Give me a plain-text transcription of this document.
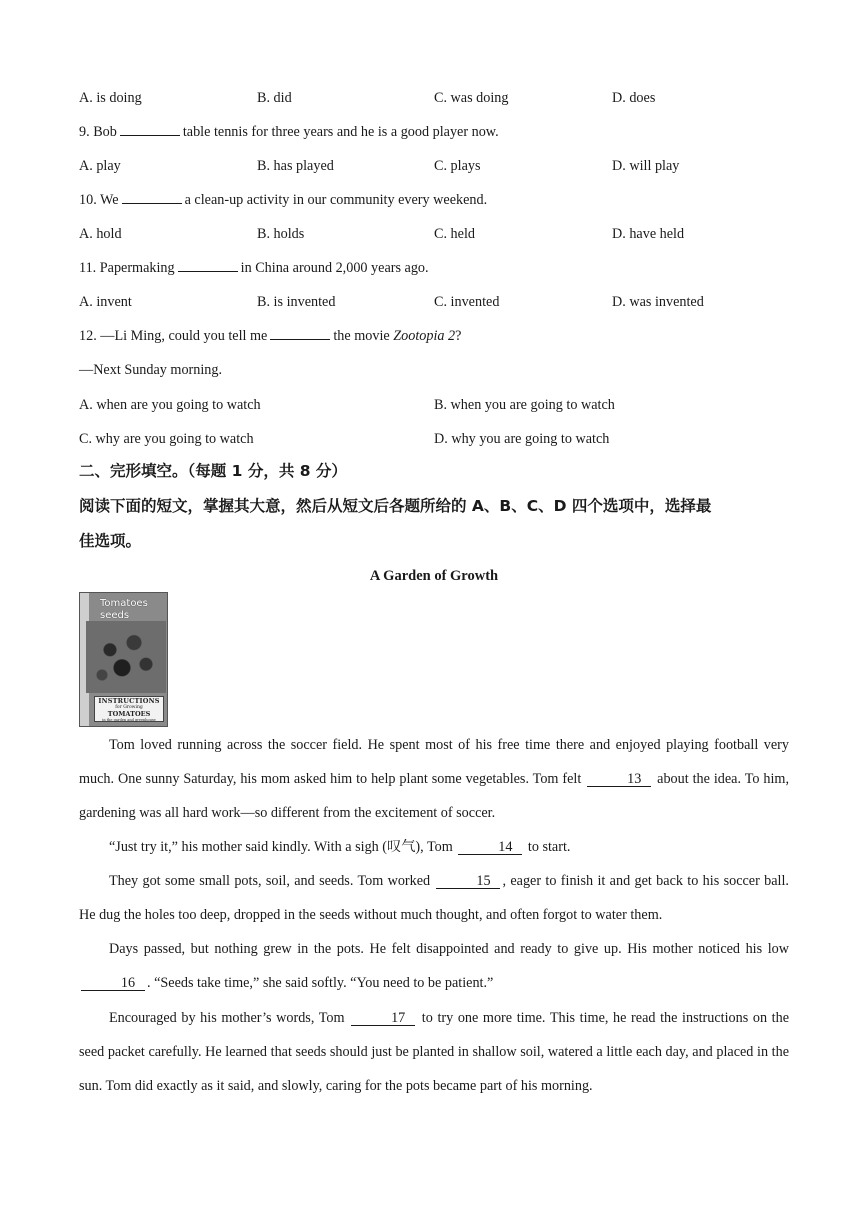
A. is doing	B. did	C. was doing	D. does
9. Bob	table tennis for three years and he is a good player now.
A. play	B. has played	C. plays	D. will play
10. We	a clean-up activity in our community every weekend.
A. hold	B. holds	C. held	D. have held
11. Papermaking	in China around 2,000 years ago.
A. invent	B. is invented	C. invented	D. was invented
12. —Li Ming, could you tell me	the movie Zootopia 2?
—Next Sunday morning.
A. when are you going to watch	B. when you are going to watch
C. why are you going to watch	D. why you are going to watch
二、完形填空。（每题 1 分，共 8 分）
阅读下面的短文，掌握其大意，然后从短文后各题所给的 A、B、C、D 四个选项中，选择最
佳选项。
A Garden of Growth
Tomatoes seeds
INSTRUCTIONS
for Growing
TOMATOES
in the garden and greenhouse
Tom loved running across the soccer field. He spent most of his free time there and enjoyed playing football very much. One sunny Saturday, his mom asked him to help plant some vegetables. Tom felt	13 about the idea. To him, gardening was all hard work—so different from the excitement of soccer.
“Just try it,” his mother said kindly. With a sigh (叹气), Tom	14 to start.
They got some small pots, soil, and seeds. Tom worked	15 , eager to finish it and get back to his soccer ball. He dug the holes too deep, dropped in the seeds without much thought, and often forgot to water them.
Days passed, but nothing grew in the pots. He felt disappointed and ready to give up. His mother noticed his low 16 . “Seeds take time,” she said softly. “You need to be patient.”
Encouraged by his mother’s words, Tom	17 to try one more time. This time, he read the instructions on the seed packet carefully. He learned that seeds should just be planted in shallow soil, watered a little each day, and placed in the sun. Tom did exactly as it said, and slowly, caring for the pots became part of his morning.
